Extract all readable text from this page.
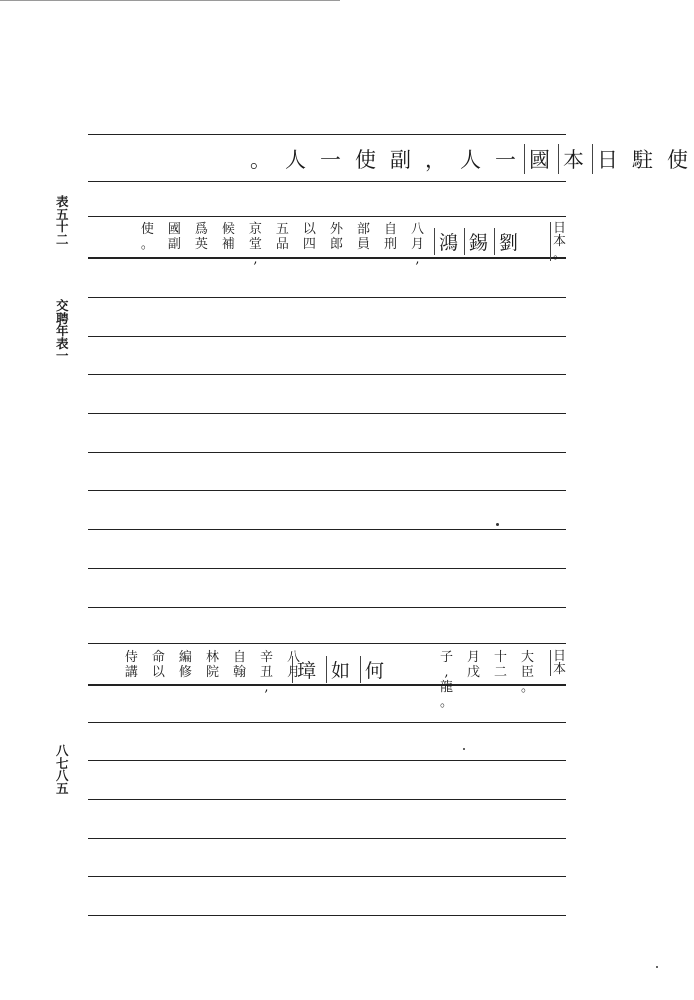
表
五
十
二
交
聘
年
表
一
八
七
八
五
使
駐
日
本
國
一
人
，
副
使
一
人
。
日
本
。
劉
錫
鴻
八
月
,
自
刑
部
員
外
郎
以
四
五
品
京
堂
,
候
補
爲
英
國
副
使
。
日
本
大
臣
。
十
二
月
戊
子
,
龍
。
何
如
璋
八
月
辛
丑
,
自
翰
林
院
編
修
命
以
侍
講
